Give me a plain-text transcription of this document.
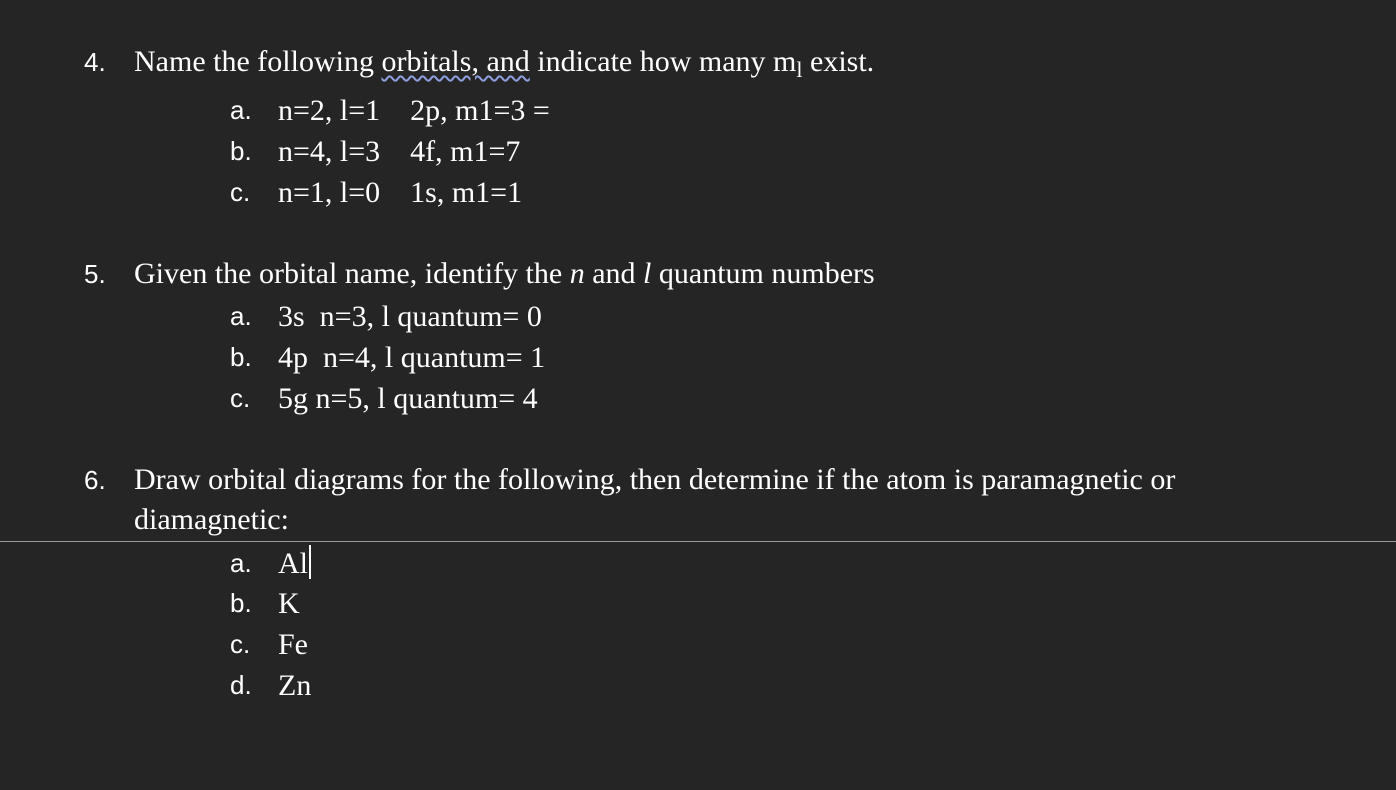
4. Name the following orbitals, and indicate how many $m_l$ exist.
a. n=2, l=1    2p, m1=3 =
b. n=4, l=3    4f, m1=7
c. n=1, l=0    1s, m1=1
5. Given the orbital name, identify the n and l quantum numbers
a. 3s  n=3, l quantum= 0
b. 4p  n=4, l quantum= 1
c. 5g n=5, l quantum= 4
6. Draw orbital diagrams for the following, then determine if the atom is paramagnetic or
diamagnetic:
a. Al
b. K
c. Fe
d. Zn
